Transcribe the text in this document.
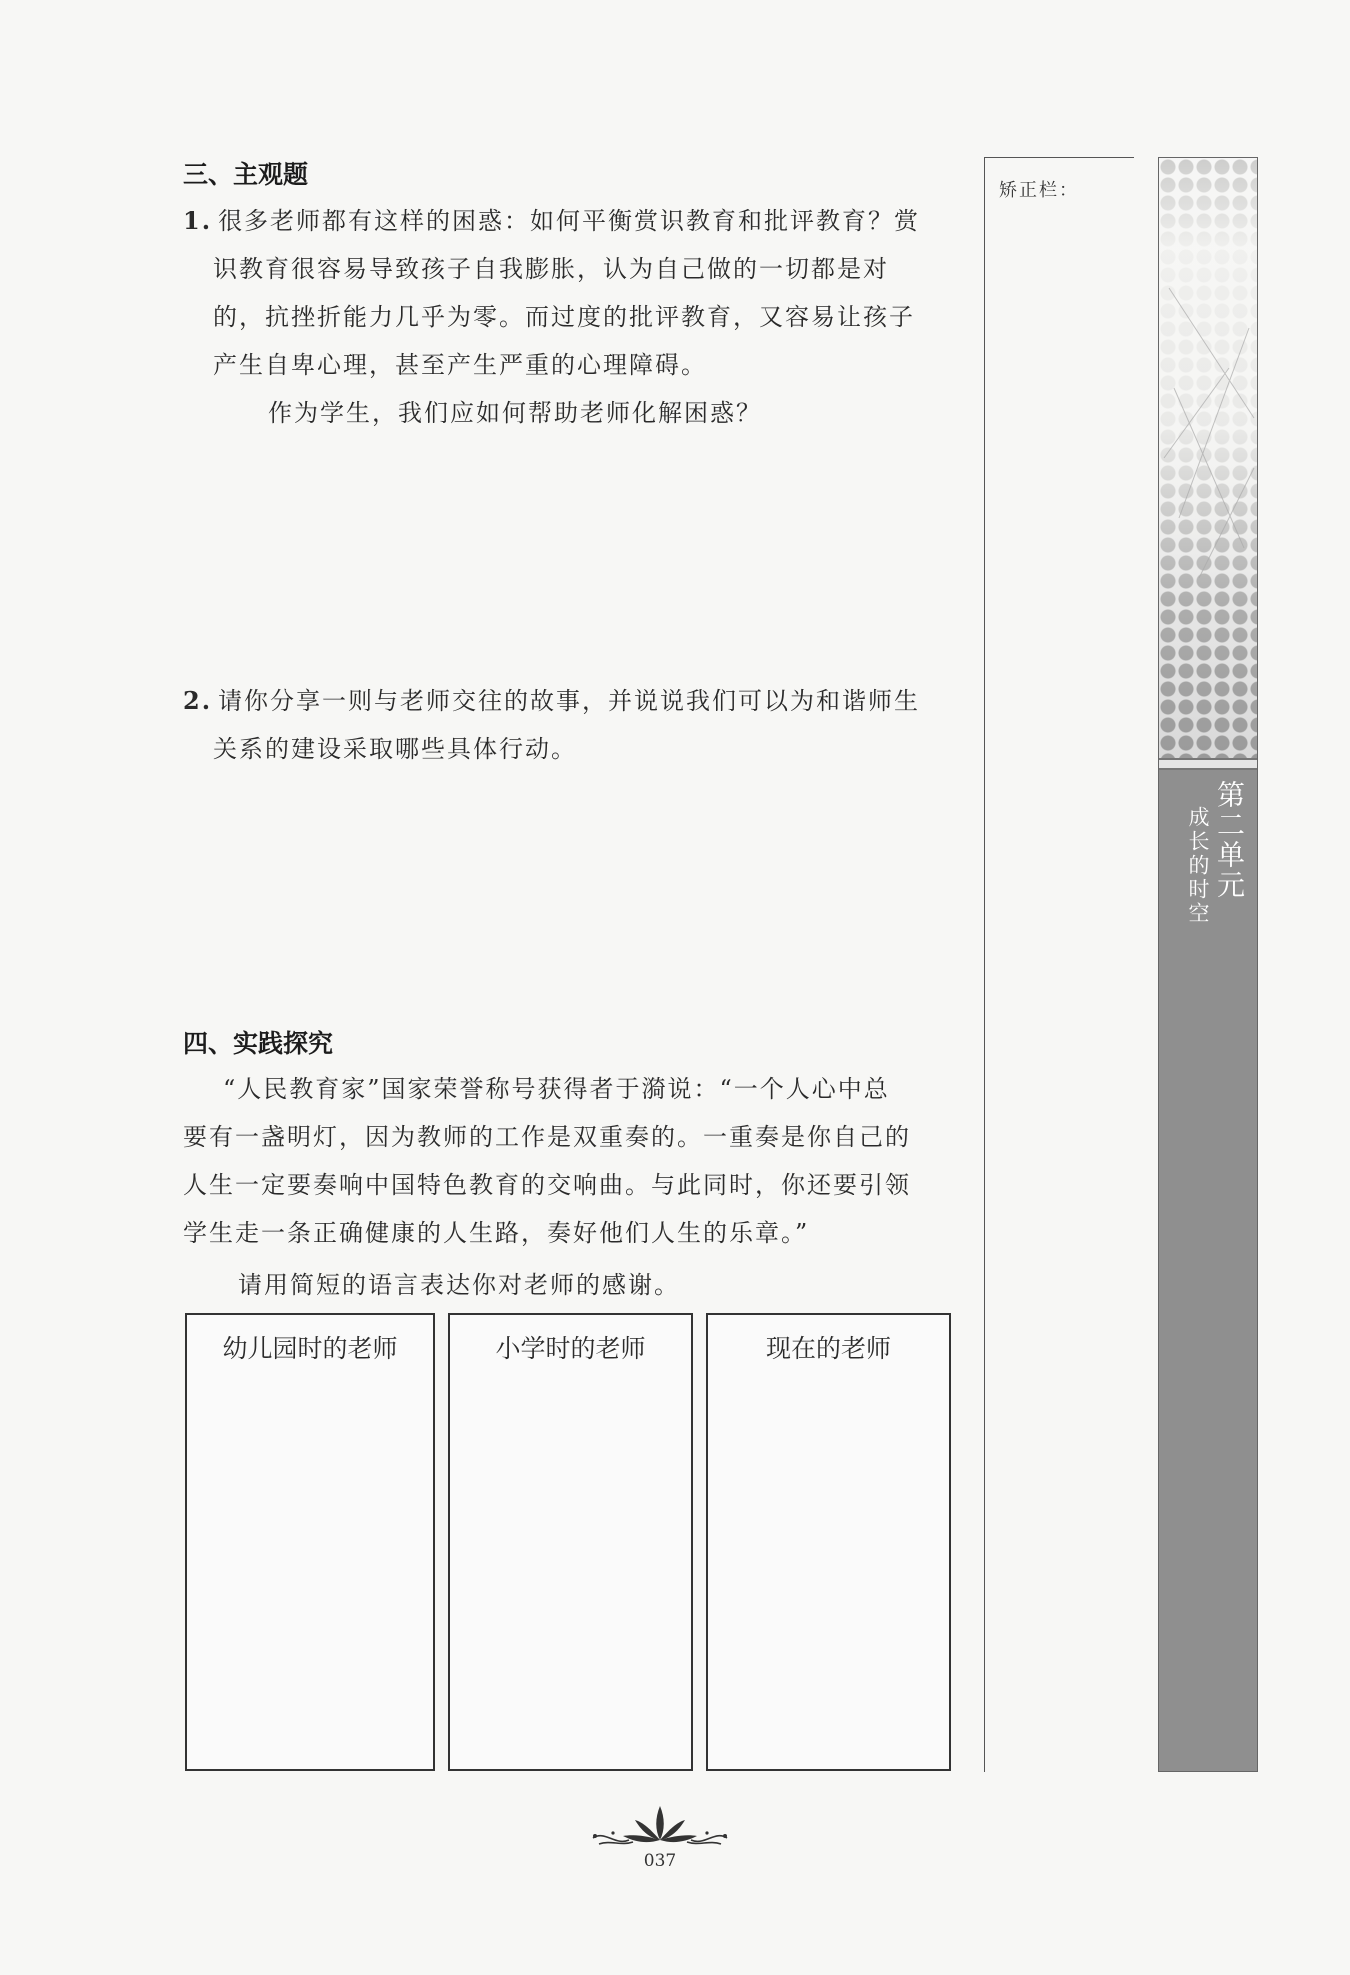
三、主观题
1. 很多老师都有这样的困惑：如何平衡赏识教育和批评教育？赏
识教育很容易导致孩子自我膨胀，认为自己做的一切都是对
的，抗挫折能力几乎为零。而过度的批评教育，又容易让孩子
产生自卑心理，甚至产生严重的心理障碍。
作为学生，我们应如何帮助老师化解困惑？
2. 请你分享一则与老师交往的故事，并说说我们可以为和谐师生
关系的建设采取哪些具体行动。
四、实践探究
“人民教育家”国家荣誉称号获得者于漪说：“一个人心中总
要有一盏明灯，因为教师的工作是双重奏的。一重奏是你自己的
人生一定要奏响中国特色教育的交响曲。与此同时，你还要引领
学生走一条正确健康的人生路，奏好他们人生的乐章。”
请用简短的语言表达你对老师的感谢。
幼儿园时的老师	小学时的老师	现在的老师
矫正栏：
第二单元
成长的时空
037
